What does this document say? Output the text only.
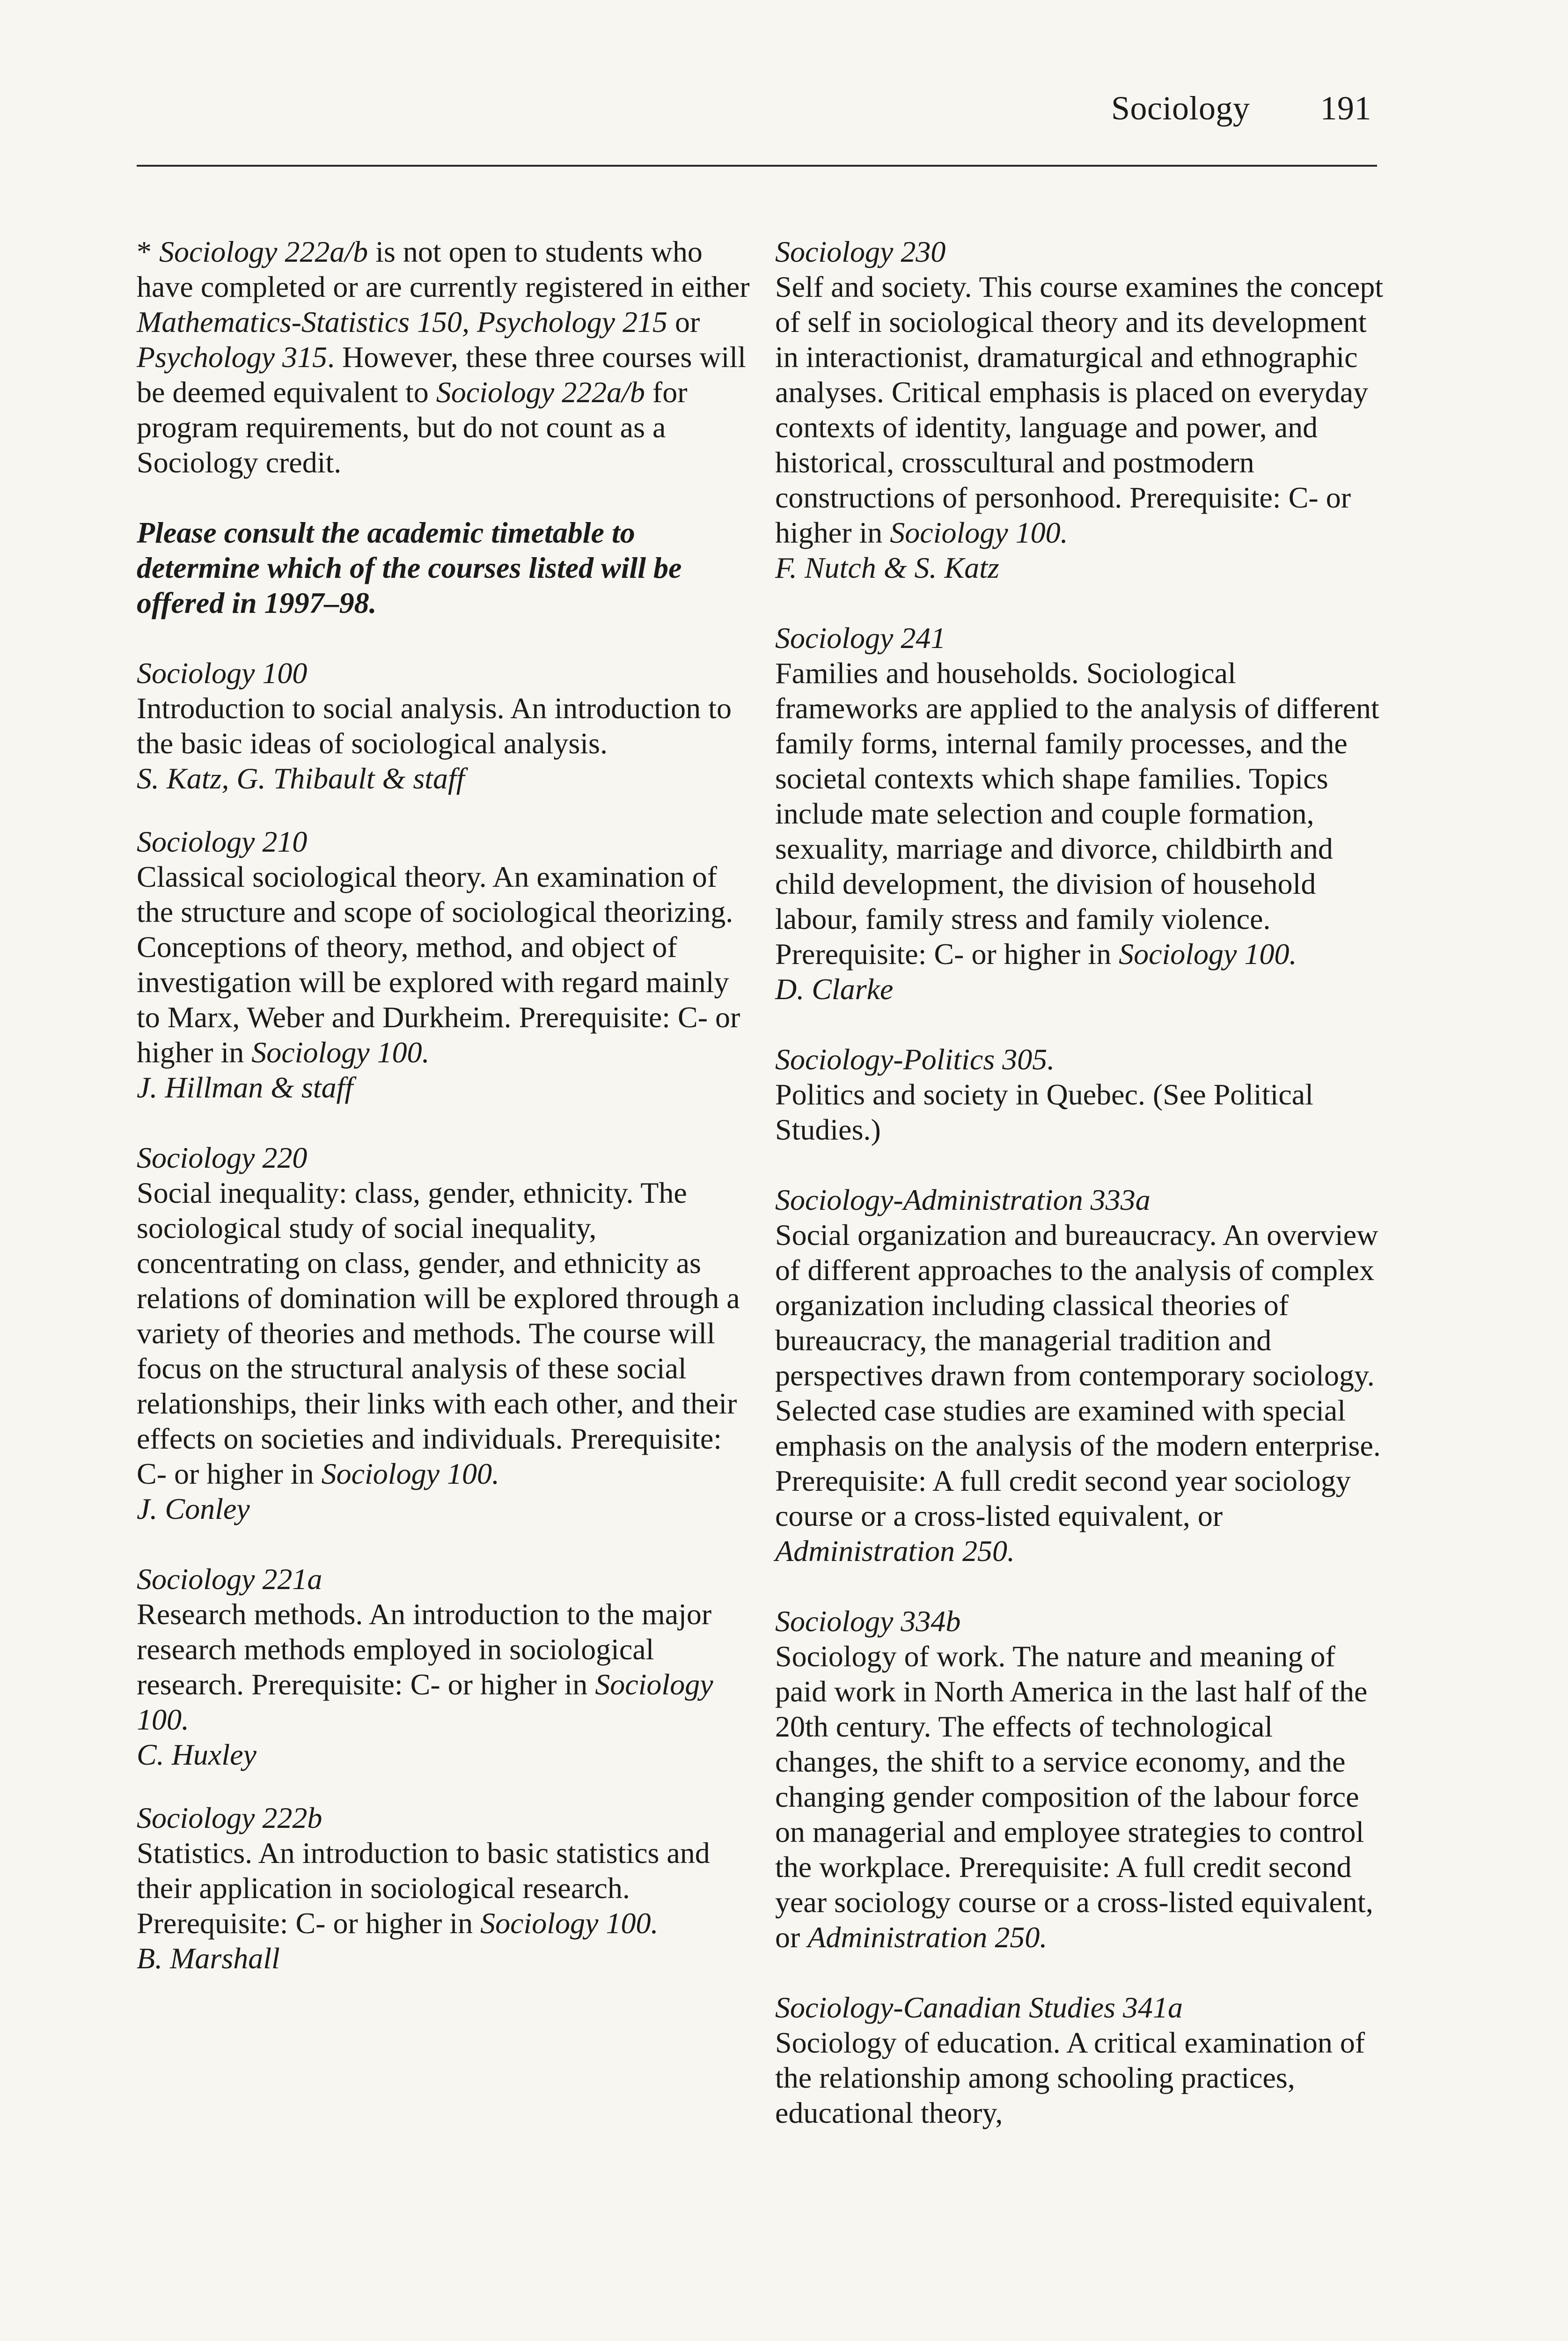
Sociology 191

* Sociology 222a/b is not open to students who have completed or are currently registered in either Mathematics-Statistics 150, Psychology 215 or Psychology 315. However, these three courses will be deemed equivalent to Sociology 222a/b for program requirements, but do not count as a Sociology credit.

Please consult the academic timetable to determine which of the courses listed will be offered in 1997–98.

Sociology 100

Introduction to social analysis. An introduction to the basic ideas of sociological analysis.

S. Katz, G. Thibault & staff

Sociology 210

Classical sociological theory. An examination of the structure and scope of sociological theorizing. Conceptions of theory, method, and object of investigation will be explored with regard mainly to Marx, Weber and Durkheim. Prerequisite: C- or higher in Sociology 100.

J. Hillman & staff

Sociology 220

Social inequality: class, gender, ethnicity. The sociological study of social inequality, concentrating on class, gender, and ethnicity as relations of domination will be explored through a variety of theories and methods. The course will focus on the structural analysis of these social relationships, their links with each other, and their effects on societies and individuals. Prerequisite: C- or higher in Sociology 100.

J. Conley

Sociology 221a

Research methods. An introduction to the major research methods employed in sociological research. Prerequisite: C- or higher in Sociology 100.

C. Huxley

Sociology 222b

Statistics. An introduction to basic statistics and their application in sociological research. Prerequisite: C- or higher in Sociology 100.

B. Marshall

Sociology 230

Self and society. This course examines the concept of self in sociological theory and its development in interactionist, dramaturgical and ethnographic analyses. Critical emphasis is placed on everyday contexts of identity, language and power, and historical, crosscultural and postmodern constructions of personhood. Prerequisite: C- or higher in Sociology 100.

F. Nutch & S. Katz

Sociology 241

Families and households. Sociological frameworks are applied to the analysis of different family forms, internal family processes, and the societal contexts which shape families. Topics include mate selection and couple formation, sexuality, marriage and divorce, childbirth and child development, the division of household labour, family stress and family violence. Prerequisite: C- or higher in Sociology 100.

D. Clarke

Sociology-Politics 305.

Politics and society in Quebec. (See Political Studies.)

Sociology-Administration 333a

Social organization and bureaucracy. An overview of different approaches to the analysis of complex organization including classical theories of bureaucracy, the managerial tradition and perspectives drawn from contemporary sociology. Selected case studies are examined with special emphasis on the analysis of the modern enterprise. Prerequisite: A full credit second year sociology course or a cross-listed equivalent, or Administration 250.

Sociology 334b

Sociology of work. The nature and meaning of paid work in North America in the last half of the 20th century. The effects of technological changes, the shift to a service economy, and the changing gender composition of the labour force on managerial and employee strategies to control the workplace. Prerequisite: A full credit second year sociology course or a cross-listed equivalent, or Administration 250.

Sociology-Canadian Studies 341a

Sociology of education. A critical examination of the relationship among schooling practices, educational theory,
